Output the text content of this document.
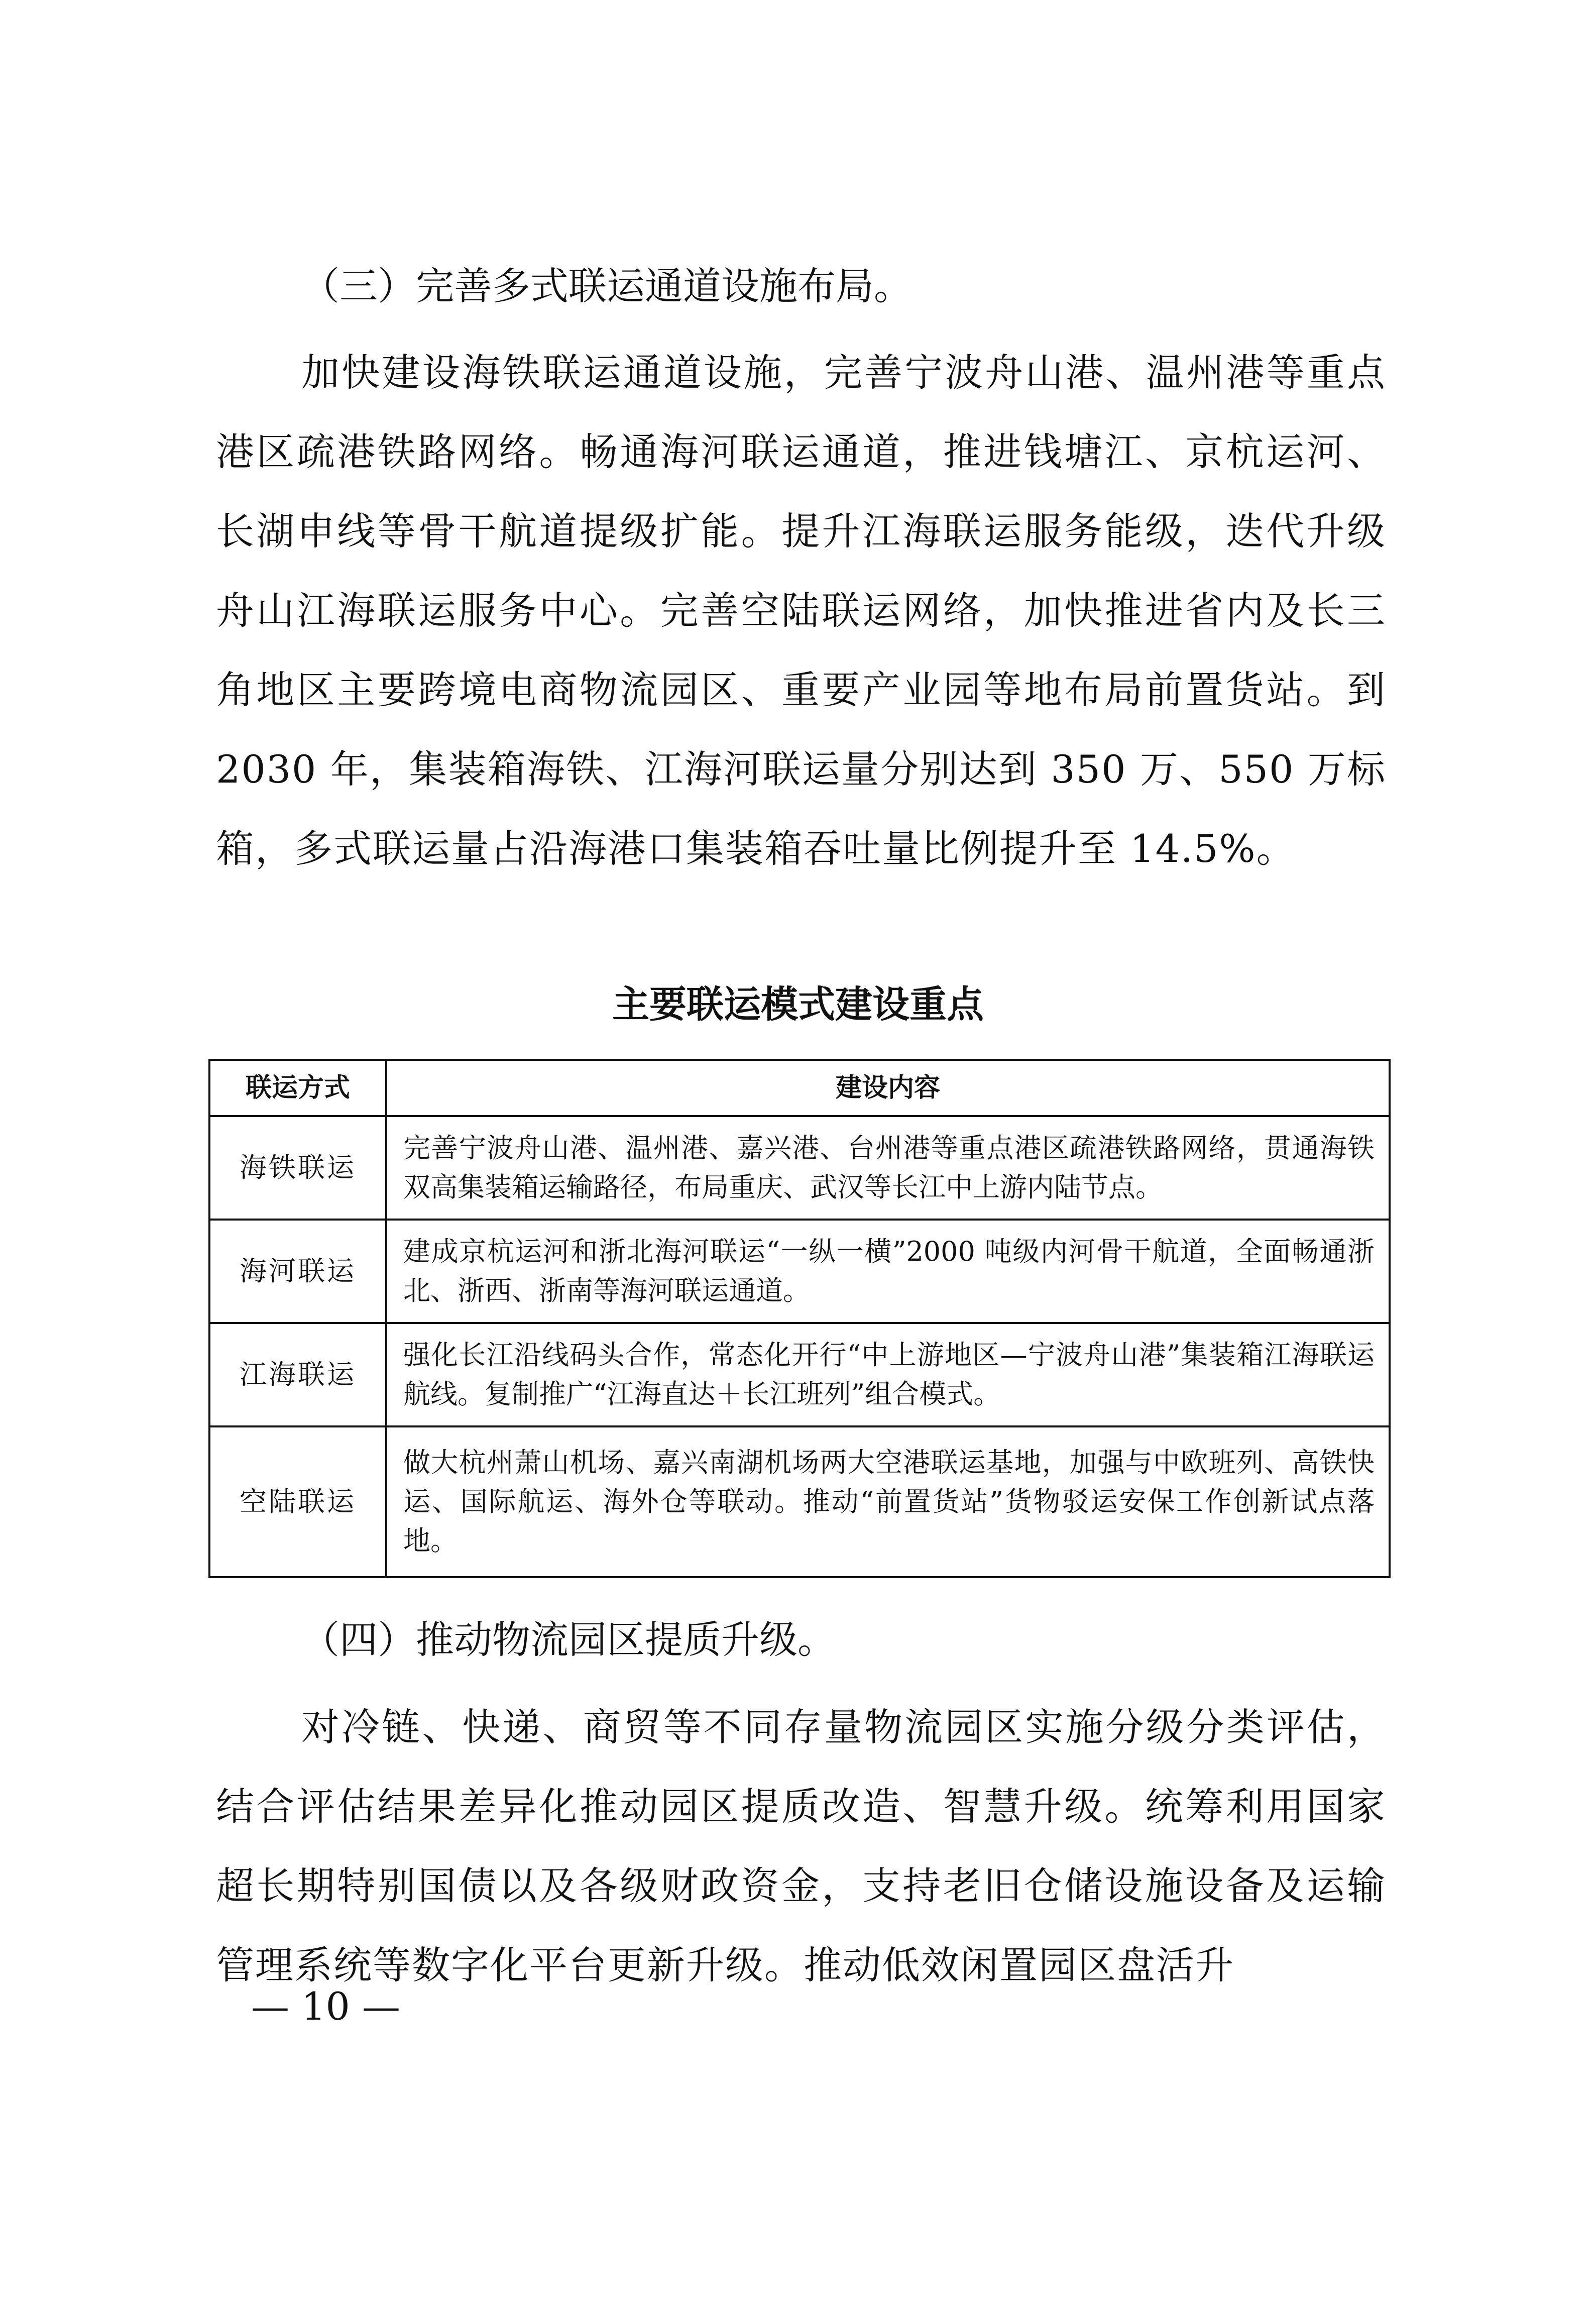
（三）完善多式联运通道设施布局。
加快建设海铁联运通道设施，完善宁波舟山港、温州港等重点港区疏港铁路网络。畅通海河联运通道，推进钱塘江、京杭运河、长湖申线等骨干航道提级扩能。提升江海联运服务能级，迭代升级舟山江海联运服务中心。完善空陆联运网络，加快推进省内及长三角地区主要跨境电商物流园区、重要产业园等地布局前置货站。到 2030 年，集装箱海铁、江海河联运量分别达到 350 万、550 万标箱，多式联运量占沿海港口集装箱吞吐量比例提升至 14.5%。
主要联运模式建设重点
联运方式	建设内容
海铁联运	完善宁波舟山港、温州港、嘉兴港、台州港等重点港区疏港铁路网络，贯通海铁双高集装箱运输路径，布局重庆、武汉等长江中上游内陆节点。
海河联运	建成京杭运河和浙北海河联运“一纵一横”2000 吨级内河骨干航道，全面畅通浙北、浙西、浙南等海河联运通道。
江海联运	强化长江沿线码头合作，常态化开行“中上游地区—宁波舟山港”集装箱江海联运航线。复制推广“江海直达＋长江班列”组合模式。
空陆联运	做大杭州萧山机场、嘉兴南湖机场两大空港联运基地，加强与中欧班列、高铁快运、国际航运、海外仓等联动。推动“前置货站”货物驳运安保工作创新试点落地。
（四）推动物流园区提质升级。
对冷链、快递、商贸等不同存量物流园区实施分级分类评估，结合评估结果差异化推动园区提质改造、智慧升级。统筹利用国家超长期特别国债以及各级财政资金，支持老旧仓储设施设备及运输管理系统等数字化平台更新升级。推动低效闲置园区盘活升
— 10 —
